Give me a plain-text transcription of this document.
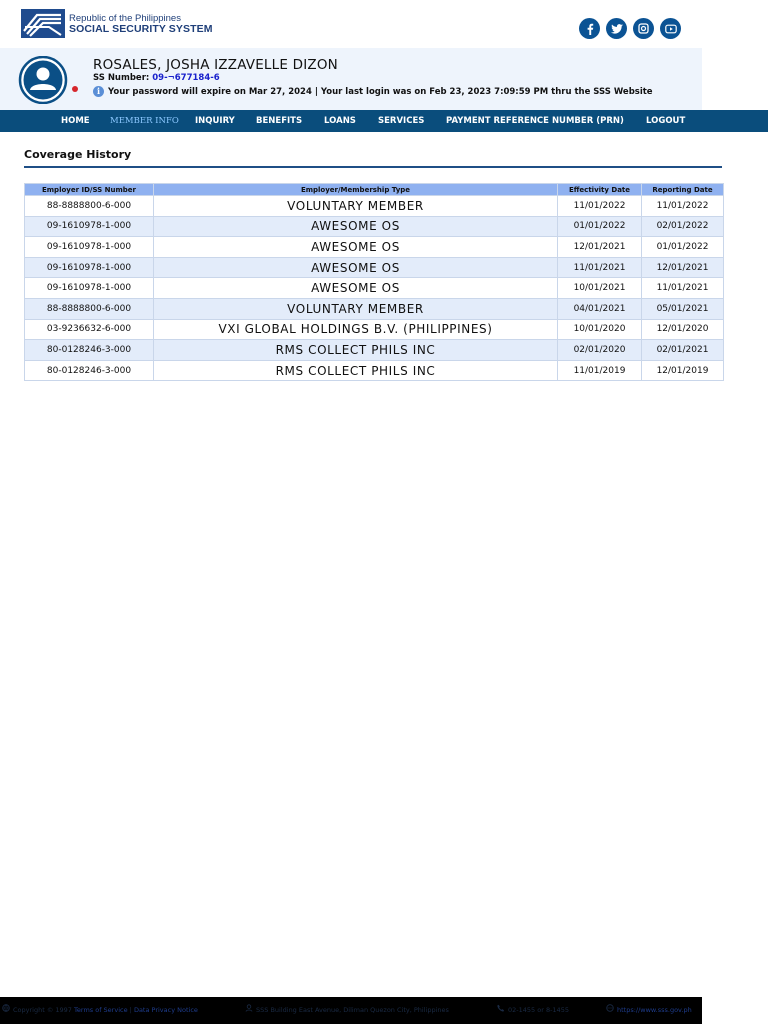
Republic of the Philippines
SOCIAL SECURITY SYSTEM
ROSALES, JOSHA IZZAVELLE DIZON
SS Number: 09-¬677184-6
i Your password will expire on Mar 27, 2024 | Your last login was on Feb 23, 2023 7:09:59 PM thru the SSS Website
HOME MEMBER INFO INQUIRY BENEFITS	LOANS	SERVICES	PAYMENT REFERENCE NUMBER (PRN)	LOGOUT
Coverage History
Employer ID/SS Number	Employer/Membership Type	Effectivity Date	Reporting Date
88-8888800-6-000	VOLUNTARY MEMBER	11/01/2022	11/01/2022
09-1610978-1-000	AWESOME OS	01/01/2022	02/01/2022
09-1610978-1-000	AWESOME OS	12/01/2021	01/01/2022
09-1610978-1-000	AWESOME OS	11/01/2021	12/01/2021
09-1610978-1-000	AWESOME OS	10/01/2021	11/01/2021
88-8888800-6-000	VOLUNTARY MEMBER	04/01/2021	05/01/2021
03-9236632-6-000	VXI GLOBAL HOLDINGS B.V. (PHILIPPINES)	10/01/2020	12/01/2020
80-0128246-3-000	RMS COLLECT PHILS INC	02/01/2020	02/01/2021
80-0128246-3-000	RMS COLLECT PHILS INC	11/01/2019	12/01/2019
Copyright © 1997
Terms of Service
|
Data Privacy Notice	SSS Building East Avenue, Diliman Quezon City, Philippines	02-1455 or 8-1455	https://www.sss.gov.ph
